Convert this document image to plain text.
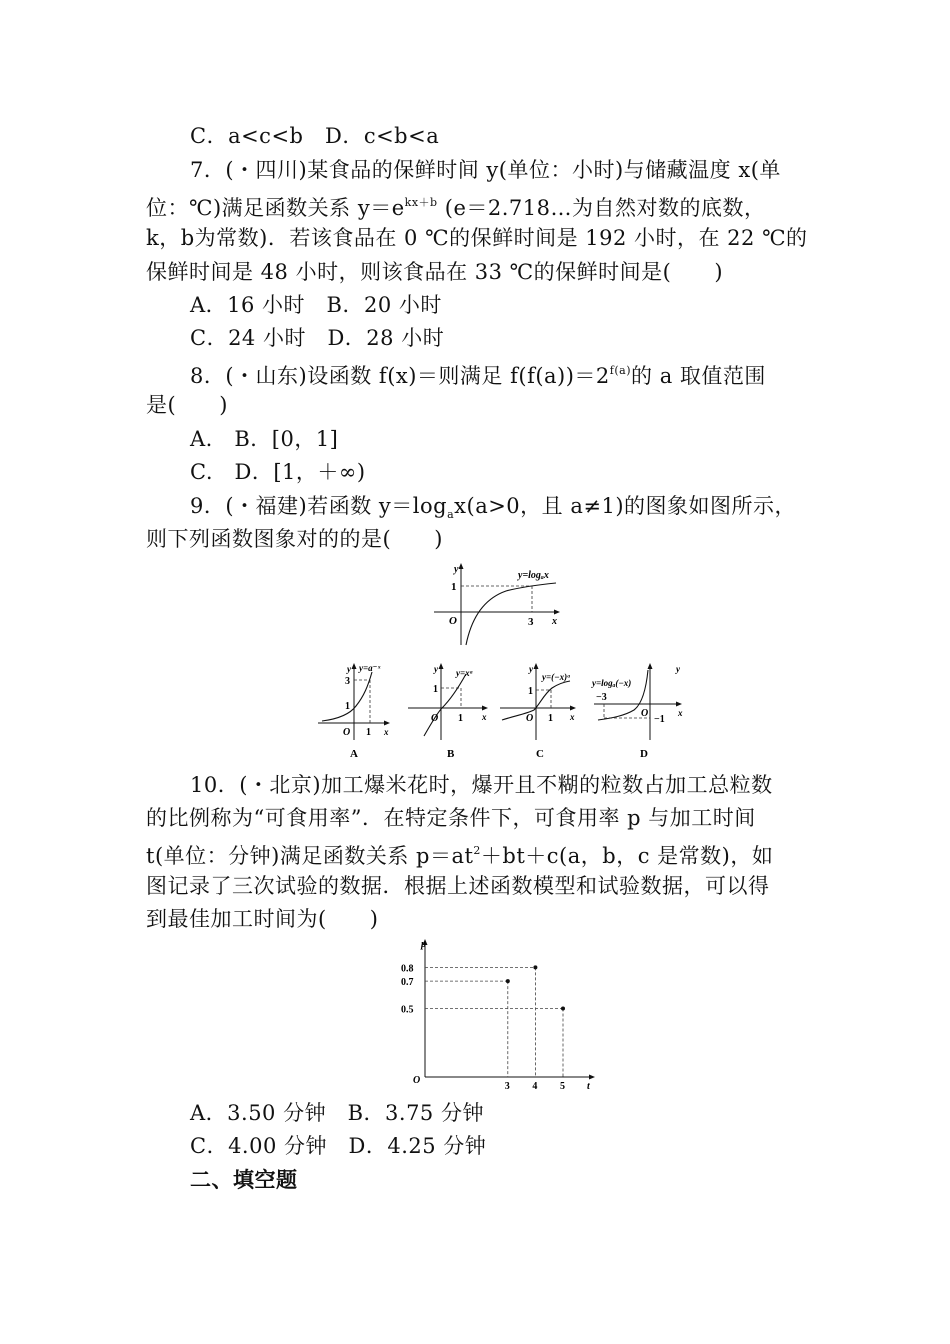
C．a<c<b　D．c<b<a
7．(・四川)某食品的保鲜时间 y(单位：小时)与储藏温度 x(单
位：℃)满足函数关系 $y=e^{kx+b}$ (e＝2.718…为自然对数的底数，
k，b为常数)．若该食品在 0 ℃的保鲜时间是 192 小时，在 22 ℃的
保鲜时间是 48 小时，则该食品在 33 ℃的保鲜时间是(　　)
A．16 小时　B．20 小时
C．24 小时　D．28 小时
8．(・山东)设函数 f(x)＝则满足 $f(f(a))=2^{f(a)}$的 a 取值范围
是(　　)
A.　B．[0，1]
C.　D．[1，＋∞)
9．(・福建)若函数 $y=\log_ax(a>0$，且 a≠1)的图象如图所示，
则下列函数图象对的的是(　　)
y
x
O
1
3
y=logₐx
y
x
O
3
1
1
y=a⁻ˣ
A
y
x
O
1
1
y=xᵃ
B
y
x
O
1
1
y=(−x)ᵃ
C
y
x
O
−3
−1
y=logₐ(−x)
D
10．(・北京)加工爆米花时，爆开且不糊的粒数占加工总粒数
的比例称为“可食用率”．在特定条件下，可食用率 p 与加工时间
t(单位：分钟)满足函数关系 $p=at^2+bt+c(a$，b，c 是常数)，如
图记录了三次试验的数据．根据上述函数模型和试验数据，可以得
到最佳加工时间为(　　)
p
t
O
3 4 5
0.8
0.7
0.5
A．3.50 分钟　B．3.75 分钟
C．4.00 分钟　D．4.25 分钟
二、填空题
